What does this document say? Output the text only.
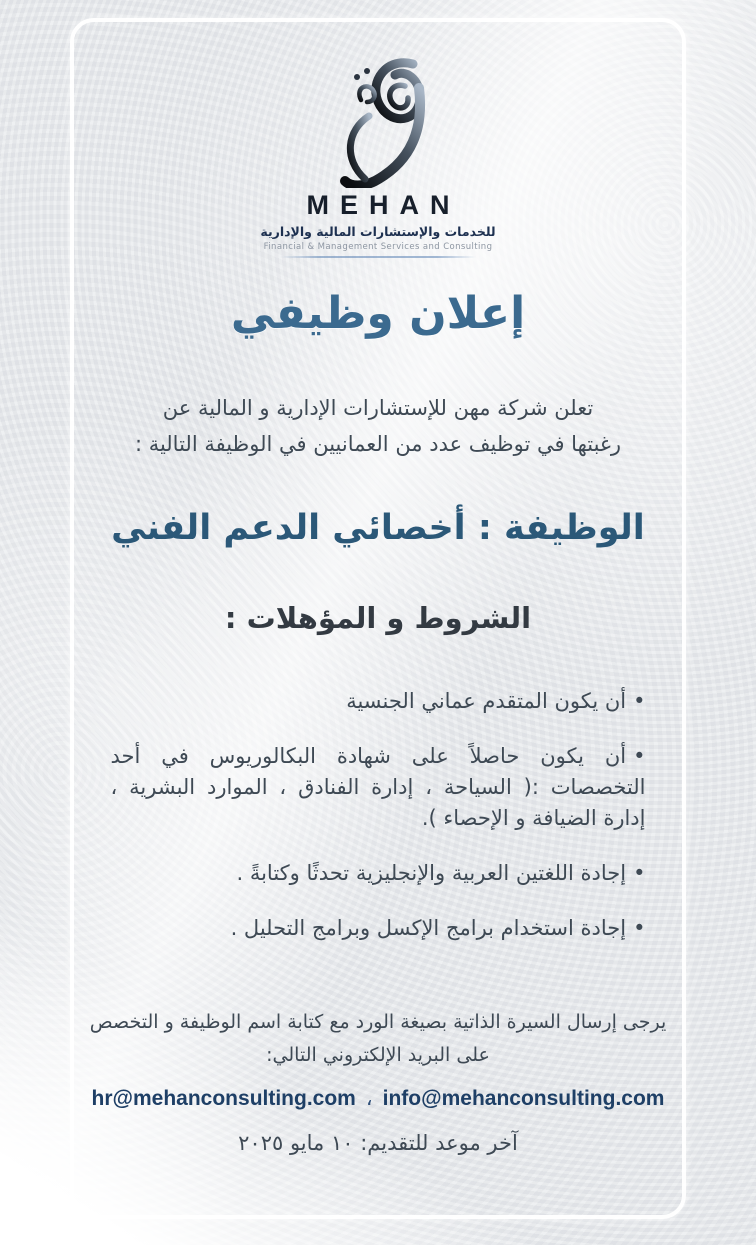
MEHAN
للخدمات والإستشارات المالية والإدارية
Financial & Management Services and Consulting
إعلان وظيفي

تعلن شركة مهن للإستشارات الإدارية و المالية عن
رغبتها في توظيف عدد من العمانيين في الوظيفة التالية :

الوظيفة : أخصائي الدعم الفني
الشروط و المؤهلات :
•أن يكون المتقدم عماني الجنسية
•أن يكون حاصلاً على شهادة البكالوريوس في أحد التخصصات :( السياحة ، إدارة الفنادق ، الموارد البشرية ، إدارة الضيافة و الإحصاء ).
•إجادة اللغتين العربية والإنجليزية تحدثًا وكتابةً .
•إجادة استخدام برامج الإكسل وبرامج التحليل .

يرجى إرسال السيرة الذاتية بصيغة الورد مع كتابة اسم الوظيفة و التخصص
على البريد الإلكتروني التالي:

hr@mehanconsulting.com ، info@mehanconsulting.com
آخر موعد للتقديم: ١٠ مايو ٢٠٢٥
